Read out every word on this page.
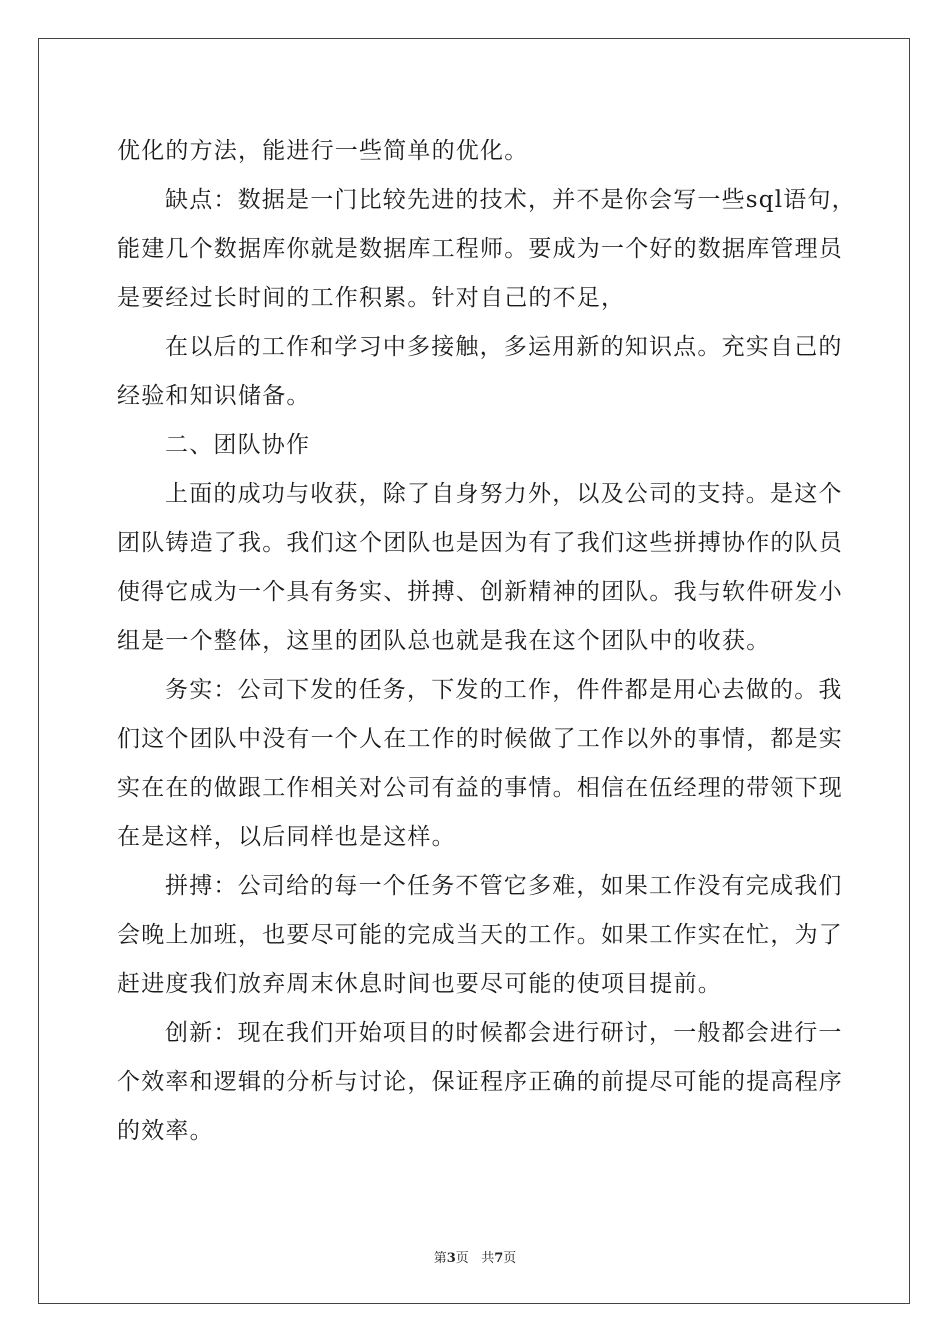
优化的方法，能进行一些简单的优化。
缺点：数据是一门比较先进的技术，并不是你会写一些sql语句，
能建几个数据库你就是数据库工程师。要成为一个好的数据库管理员
是要经过长时间的工作积累。针对自己的不足，
在以后的工作和学习中多接触，多运用新的知识点。充实自己的
经验和知识储备。
二、团队协作
上面的成功与收获，除了自身努力外，以及公司的支持。是这个
团队铸造了我。我们这个团队也是因为有了我们这些拼搏协作的队员
使得它成为一个具有务实、拼搏、创新精神的团队。我与软件研发小
组是一个整体，这里的团队总也就是我在这个团队中的收获。
务实：公司下发的任务，下发的工作，件件都是用心去做的。我
们这个团队中没有一个人在工作的时候做了工作以外的事情，都是实
实在在的做跟工作相关对公司有益的事情。相信在伍经理的带领下现
在是这样，以后同样也是这样。
拼搏：公司给的每一个任务不管它多难，如果工作没有完成我们
会晚上加班，也要尽可能的完成当天的工作。如果工作实在忙，为了
赶进度我们放弃周末休息时间也要尽可能的使项目提前。
创新：现在我们开始项目的时候都会进行研讨，一般都会进行一
个效率和逻辑的分析与讨论，保证程序正确的前提尽可能的提高程序
的效率。
第3页 共7页
